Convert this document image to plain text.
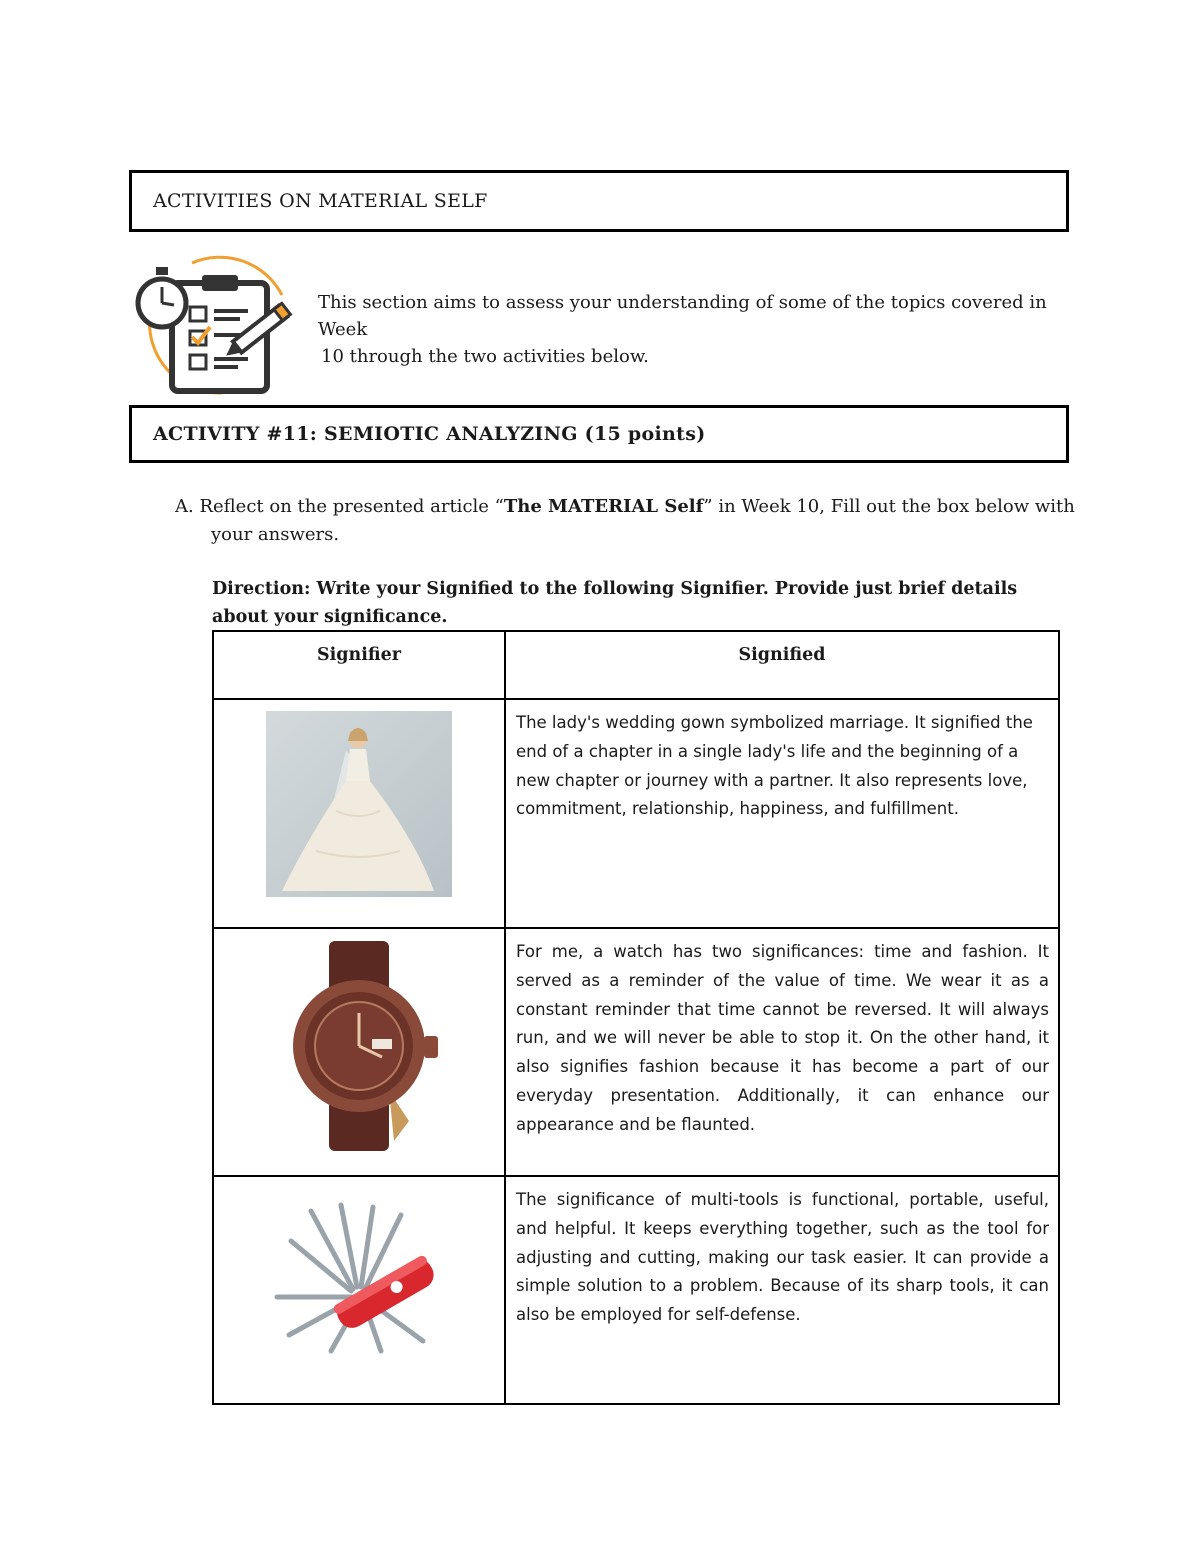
ACTIVITIES ON MATERIAL SELF

This section aims to assess your understanding of some of the topics covered in Week

10 through the two activities below.

ACTIVITY #11: SEMIOTIC ANALYZING (15 points)
A. Reflect on the presented article “The MATERIAL Self” in Week 10, Fill out the box below with
your answers.
Direction: Write your Signified to the following Signifier. Provide just brief details about your significance.
Signifier	Signified

The lady's wedding gown symbolized marriage. It signified the end of a chapter in a single lady's life and the beginning of a new chapter or journey with a partner. It also represents love, commitment, relationship, happiness, and fulfillment.

For me, a watch has two significances: time and fashion. It served as a reminder of the value of time. We wear it as a constant reminder that time cannot be reversed. It will always run, and we will never be able to stop it. On the other hand, it also signifies fashion because it has become a part of our everyday presentation. Additionally, it can enhance our appearance and be flaunted.

The significance of multi-tools is functional, portable, useful, and helpful. It keeps everything together, such as the tool for adjusting and cutting, making our task easier. It can provide a simple solution to a problem. Because of its sharp tools, it can also be employed for self-defense.
